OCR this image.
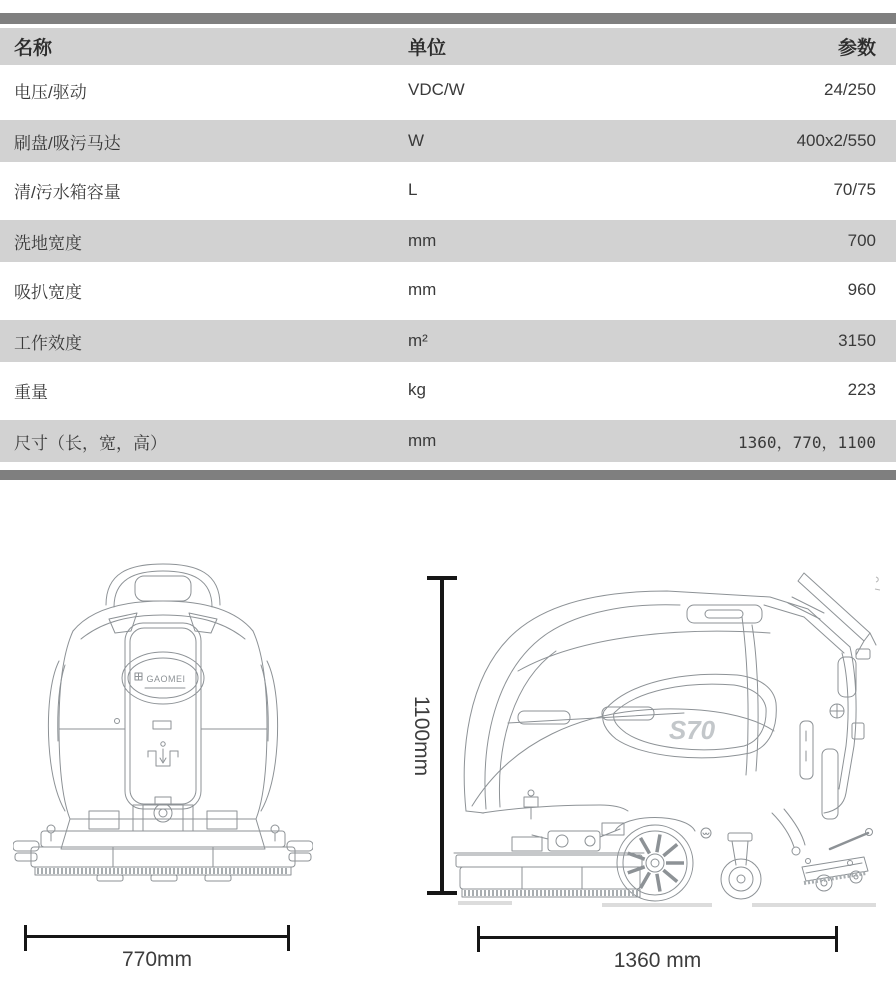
名称	单位	参数
电压/驱动	VDC/W	24/250
刷盘/吸污马达	W	400x2/550
清/污水箱容量	L	70/75
洗地宽度	mm	700
吸扒宽度	mm	960
工作效度	m²	3150
重量	kg	223
尺寸（长，宽，高）	mm	1360，770，1100
GAOMEI
S70
770mm	1360 mm
1100mm
